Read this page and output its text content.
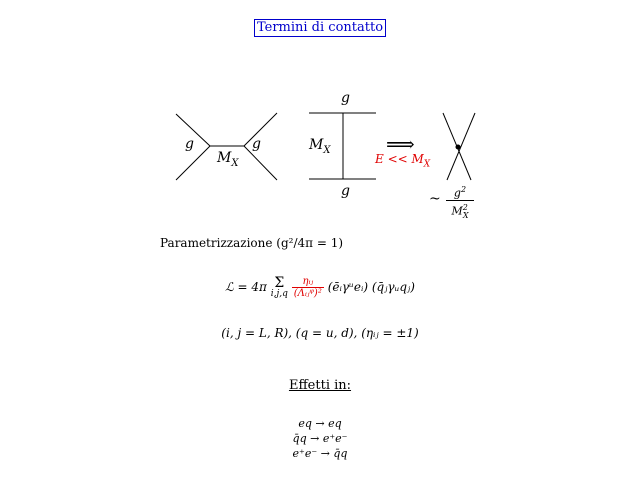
Termini di contatto
g	g
$M_X$
g
g
$M_X$	⟹
$E << M_X$
~	$g^2$
$M^2_X$
Parametrizzazione (g²/4π = 1)
ℒ = 4π Σ
i,j,q
$\frac{\text{ηᵢⱼ}}{\text{(Λᵢⱼᵠ)²}}$ (ēᵢγᵘeᵢ) (q̄ⱼγᵤqⱼ)
(i, j = L, R), (q = u, d), (ηᵢⱼ = ±1)
Effetti in:
eq → eq
q̄q → e⁺e⁻
e⁺e⁻ → q̄q
